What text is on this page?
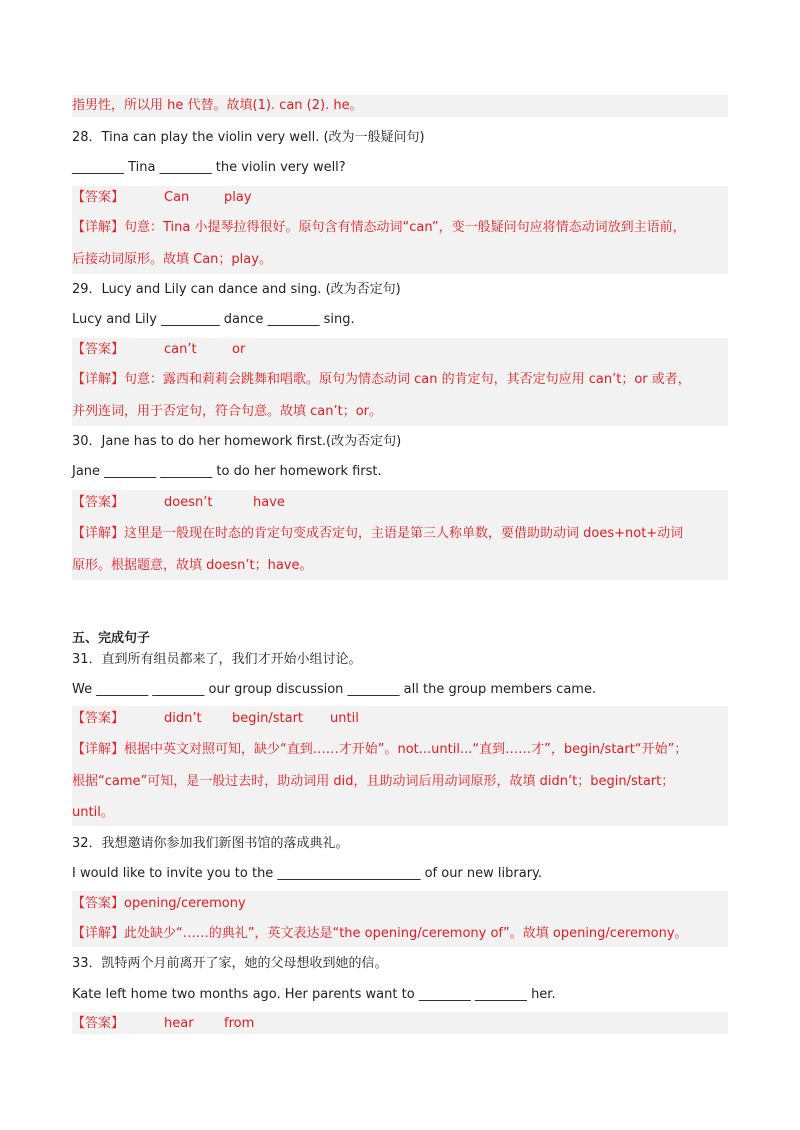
指男性，所以用 he 代替。故填(1). can (2). he。
28．Tina can play the violin very well. (改为一般疑问句)
________ Tina ________ the violin very well?
【答案】	Can	play
【详解】句意：Tina 小提琴拉得很好。原句含有情态动词“can”，变一般疑问句应将情态动词放到主语前，
后接动词原形。故填 Can；play。
29．Lucy and Lily can dance and sing. (改为否定句)
Lucy and Lily _________ dance ________ sing.
【答案】	can’t	or
【详解】句意：露西和莉莉会跳舞和唱歌。原句为情态动词 can 的肯定句，其否定句应用 can’t；or 或者，
并列连词，用于否定句，符合句意。故填 can’t；or。
30．Jane has to do her homework first.(改为否定句)
Jane ________ ________ to do her homework first.
【答案】	doesn’t	have
【详解】这里是一般现在时态的肯定句变成否定句，主语是第三人称单数，要借助助动词 does+not+动词
原形。根据题意，故填 doesn’t；have。
五、完成句子
31．直到所有组员都来了，我们才开始小组讨论。
We ________ ________ our group discussion ________ all the group members came.
【答案】	didn’t begin/start until
【详解】根据中英文对照可知，缺少“直到……才开始”。not...until...“直到……才”，begin/start“开始”；
根据“came”可知，是一般过去时，助动词用 did，且助动词后用动词原形，故填 didn’t；begin/start；
until。
32．我想邀请你参加我们新图书馆的落成典礼。
I would like to invite you to the ______________________ of our new library.
【答案】opening/ceremony
【详解】此处缺少“……的典礼”，英文表达是“the opening/ceremony of”。故填 opening/ceremony。
33．凯特两个月前离开了家，她的父母想收到她的信。
Kate left home two months ago. Her parents want to ________ ________ her.
【答案】	hear from
